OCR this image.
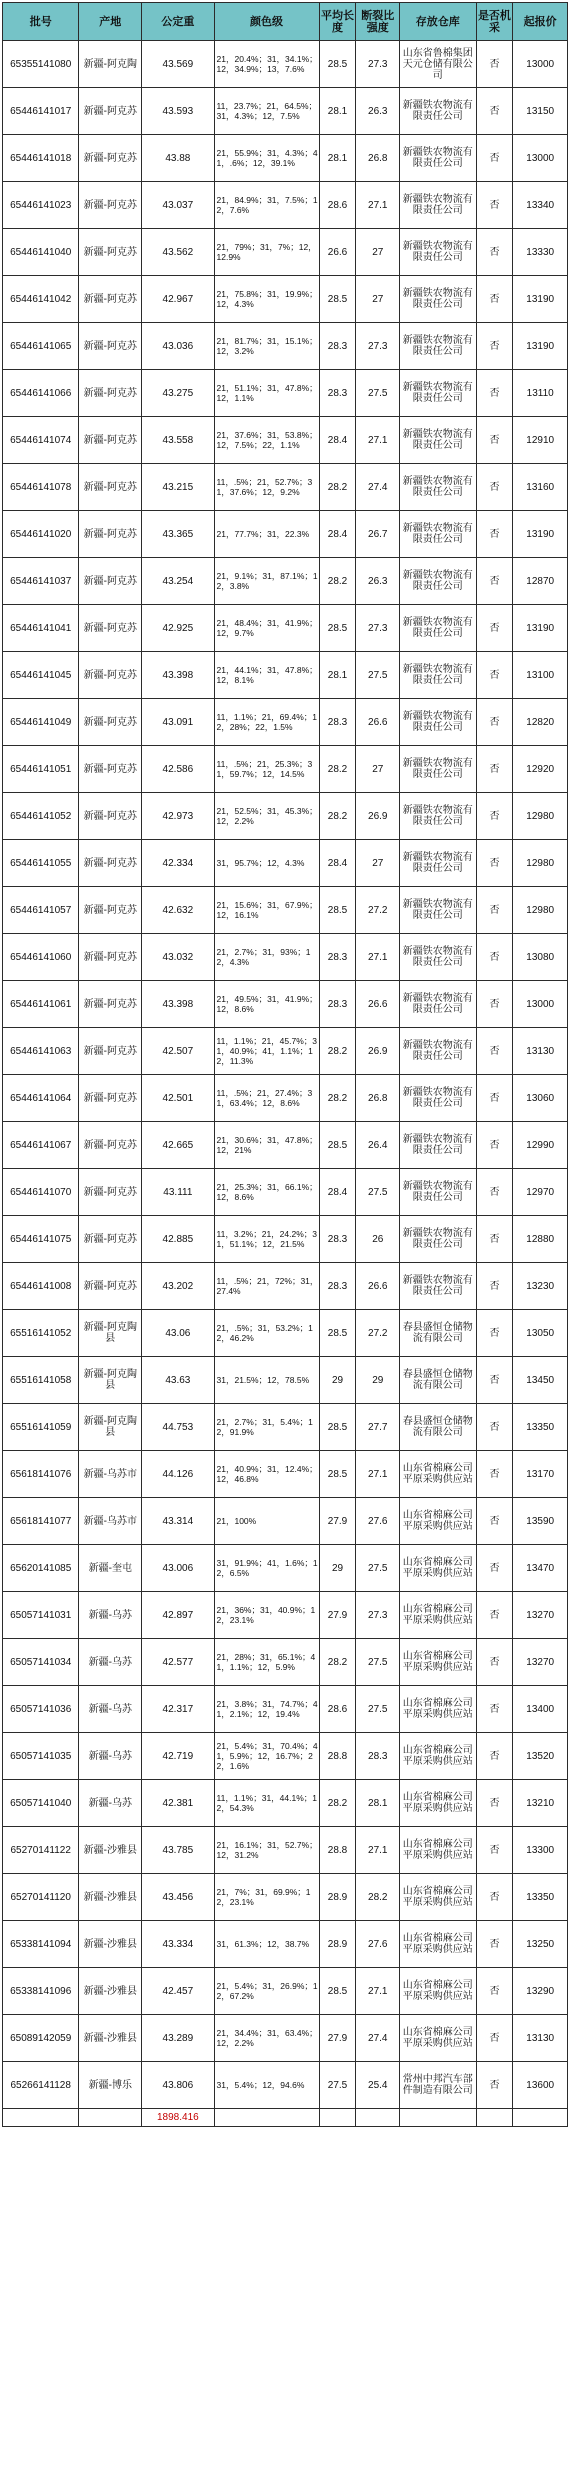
批号	产地	公定重	颜色级	平均长度	断裂比强度	存放仓库	是否机采	起报价
65355141080	新疆-阿克陶	43.569	21，20.4%；31，34.1%；12，34.9%；13，7.6%	28.5	27.3	山东省鲁棉集团天元仓储有限公司	否	13000
65446141017	新疆-阿克苏	43.593	11，23.7%；21，64.5%；31，4.3%；12，7.5%	28.1	26.3	新疆铁农物流有限责任公司	否	13150
65446141018	新疆-阿克苏	43.88	21，55.9%；31，4.3%；41，.6%；12，39.1%	28.1	26.8	新疆铁农物流有限责任公司	否	13000
65446141023	新疆-阿克苏	43.037	21，84.9%；31，7.5%；12，7.6%	28.6	27.1	新疆铁农物流有限责任公司	否	13340
65446141040	新疆-阿克苏	43.562	21，79%；31，7%；12，12.9%	26.6	27	新疆铁农物流有限责任公司	否	13330
65446141042	新疆-阿克苏	42.967	21，75.8%；31，19.9%；12，4.3%	28.5	27	新疆铁农物流有限责任公司	否	13190
65446141065	新疆-阿克苏	43.036	21，81.7%；31，15.1%；12，3.2%	28.3	27.3	新疆铁农物流有限责任公司	否	13190
65446141066	新疆-阿克苏	43.275	21，51.1%；31，47.8%；12，1.1%	28.3	27.5	新疆铁农物流有限责任公司	否	13110
65446141074	新疆-阿克苏	43.558	21，37.6%；31，53.8%；12，7.5%；22，1.1%	28.4	27.1	新疆铁农物流有限责任公司	否	12910
65446141078	新疆-阿克苏	43.215	11，.5%；21，52.7%；31，37.6%；12，9.2%	28.2	27.4	新疆铁农物流有限责任公司	否	13160
65446141020	新疆-阿克苏	43.365	21，77.7%；31，22.3%	28.4	26.7	新疆铁农物流有限责任公司	否	13190
65446141037	新疆-阿克苏	43.254	21，9.1%；31，87.1%；12，3.8%	28.2	26.3	新疆铁农物流有限责任公司	否	12870
65446141041	新疆-阿克苏	42.925	21，48.4%；31，41.9%；12，9.7%	28.5	27.3	新疆铁农物流有限责任公司	否	13190
65446141045	新疆-阿克苏	43.398	21，44.1%；31，47.8%；12，8.1%	28.1	27.5	新疆铁农物流有限责任公司	否	13100
65446141049	新疆-阿克苏	43.091	11，1.1%；21，69.4%；12，28%；22，1.5%	28.3	26.6	新疆铁农物流有限责任公司	否	12820
65446141051	新疆-阿克苏	42.586	11，.5%；21，25.3%；31，59.7%；12，14.5%	28.2	27	新疆铁农物流有限责任公司	否	12920
65446141052	新疆-阿克苏	42.973	21，52.5%；31，45.3%；12，2.2%	28.2	26.9	新疆铁农物流有限责任公司	否	12980
65446141055	新疆-阿克苏	42.334	31，95.7%；12，4.3%	28.4	27	新疆铁农物流有限责任公司	否	12980
65446141057	新疆-阿克苏	42.632	21，15.6%；31，67.9%；12，16.1%	28.5	27.2	新疆铁农物流有限责任公司	否	12980
65446141060	新疆-阿克苏	43.032	21，2.7%；31，93%；12，4.3%	28.3	27.1	新疆铁农物流有限责任公司	否	13080
65446141061	新疆-阿克苏	43.398	21，49.5%；31，41.9%；12，8.6%	28.3	26.6	新疆铁农物流有限责任公司	否	13000
65446141063	新疆-阿克苏	42.507	11，1.1%；21，45.7%；31，40.9%；41，1.1%；12，11.3%	28.2	26.9	新疆铁农物流有限责任公司	否	13130
65446141064	新疆-阿克苏	42.501	11，.5%；21，27.4%；31，63.4%；12，8.6%	28.2	26.8	新疆铁农物流有限责任公司	否	13060
65446141067	新疆-阿克苏	42.665	21，30.6%；31，47.8%；12，21%	28.5	26.4	新疆铁农物流有限责任公司	否	12990
65446141070	新疆-阿克苏	43.111	21，25.3%；31，66.1%；12，8.6%	28.4	27.5	新疆铁农物流有限责任公司	否	12970
65446141075	新疆-阿克苏	42.885	11，3.2%；21，24.2%；31，51.1%；12，21.5%	28.3	26	新疆铁农物流有限责任公司	否	12880
65446141008	新疆-阿克苏	43.202	11，.5%；21，72%；31，27.4%	28.3	26.6	新疆铁农物流有限责任公司	否	13230
65516141052	新疆-阿克陶县	43.06	21，.5%；31，53.2%；12，46.2%	28.5	27.2	春县盛恒仓储物流有限公司	否	13050
65516141058	新疆-阿克陶县	43.63	31，21.5%；12，78.5%	29	29	春县盛恒仓储物流有限公司	否	13450
65516141059	新疆-阿克陶县	44.753	21，2.7%；31，5.4%；12，91.9%	28.5	27.7	春县盛恒仓储物流有限公司	否	13350
65618141076	新疆-乌苏市	44.126	21，40.9%；31，12.4%；12，46.8%	28.5	27.1	山东省棉麻公司平原采购供应站	否	13170
65618141077	新疆-乌苏市	43.314	21，100%	27.9	27.6	山东省棉麻公司平原采购供应站	否	13590
65620141085	新疆-奎屯	43.006	31，91.9%；41，1.6%；12，6.5%	29	27.5	山东省棉麻公司平原采购供应站	否	13470
65057141031	新疆-乌苏	42.897	21，36%；31，40.9%；12，23.1%	27.9	27.3	山东省棉麻公司平原采购供应站	否	13270
65057141034	新疆-乌苏	42.577	21，28%；31，65.1%；41，1.1%；12，5.9%	28.2	27.5	山东省棉麻公司平原采购供应站	否	13270
65057141036	新疆-乌苏	42.317	21，3.8%；31，74.7%；41，2.1%；12，19.4%	28.6	27.5	山东省棉麻公司平原采购供应站	否	13400
65057141035	新疆-乌苏	42.719	21，5.4%；31，70.4%；41，5.9%；12，16.7%；22，1.6%	28.8	28.3	山东省棉麻公司平原采购供应站	否	13520
65057141040	新疆-乌苏	42.381	11，1.1%；31，44.1%；12，54.3%	28.2	28.1	山东省棉麻公司平原采购供应站	否	13210
65270141122	新疆-沙雅县	43.785	21，16.1%；31，52.7%；12，31.2%	28.8	27.1	山东省棉麻公司平原采购供应站	否	13300
65270141120	新疆-沙雅县	43.456	21，7%；31，69.9%；12，23.1%	28.9	28.2	山东省棉麻公司平原采购供应站	否	13350
65338141094	新疆-沙雅县	43.334	31，61.3%；12，38.7%	28.9	27.6	山东省棉麻公司平原采购供应站	否	13250
65338141096	新疆-沙雅县	42.457	21，5.4%；31，26.9%；12，67.2%	28.5	27.1	山东省棉麻公司平原采购供应站	否	13290
65089142059	新疆-沙雅县	43.289	21，34.4%；31，63.4%；12，2.2%	27.9	27.4	山东省棉麻公司平原采购供应站	否	13130
65266141128	新疆-博乐	43.806	31，5.4%；12，94.6%	27.5	25.4	常州中邦汽车部件制造有限公司	否	13600
		1898.416						
